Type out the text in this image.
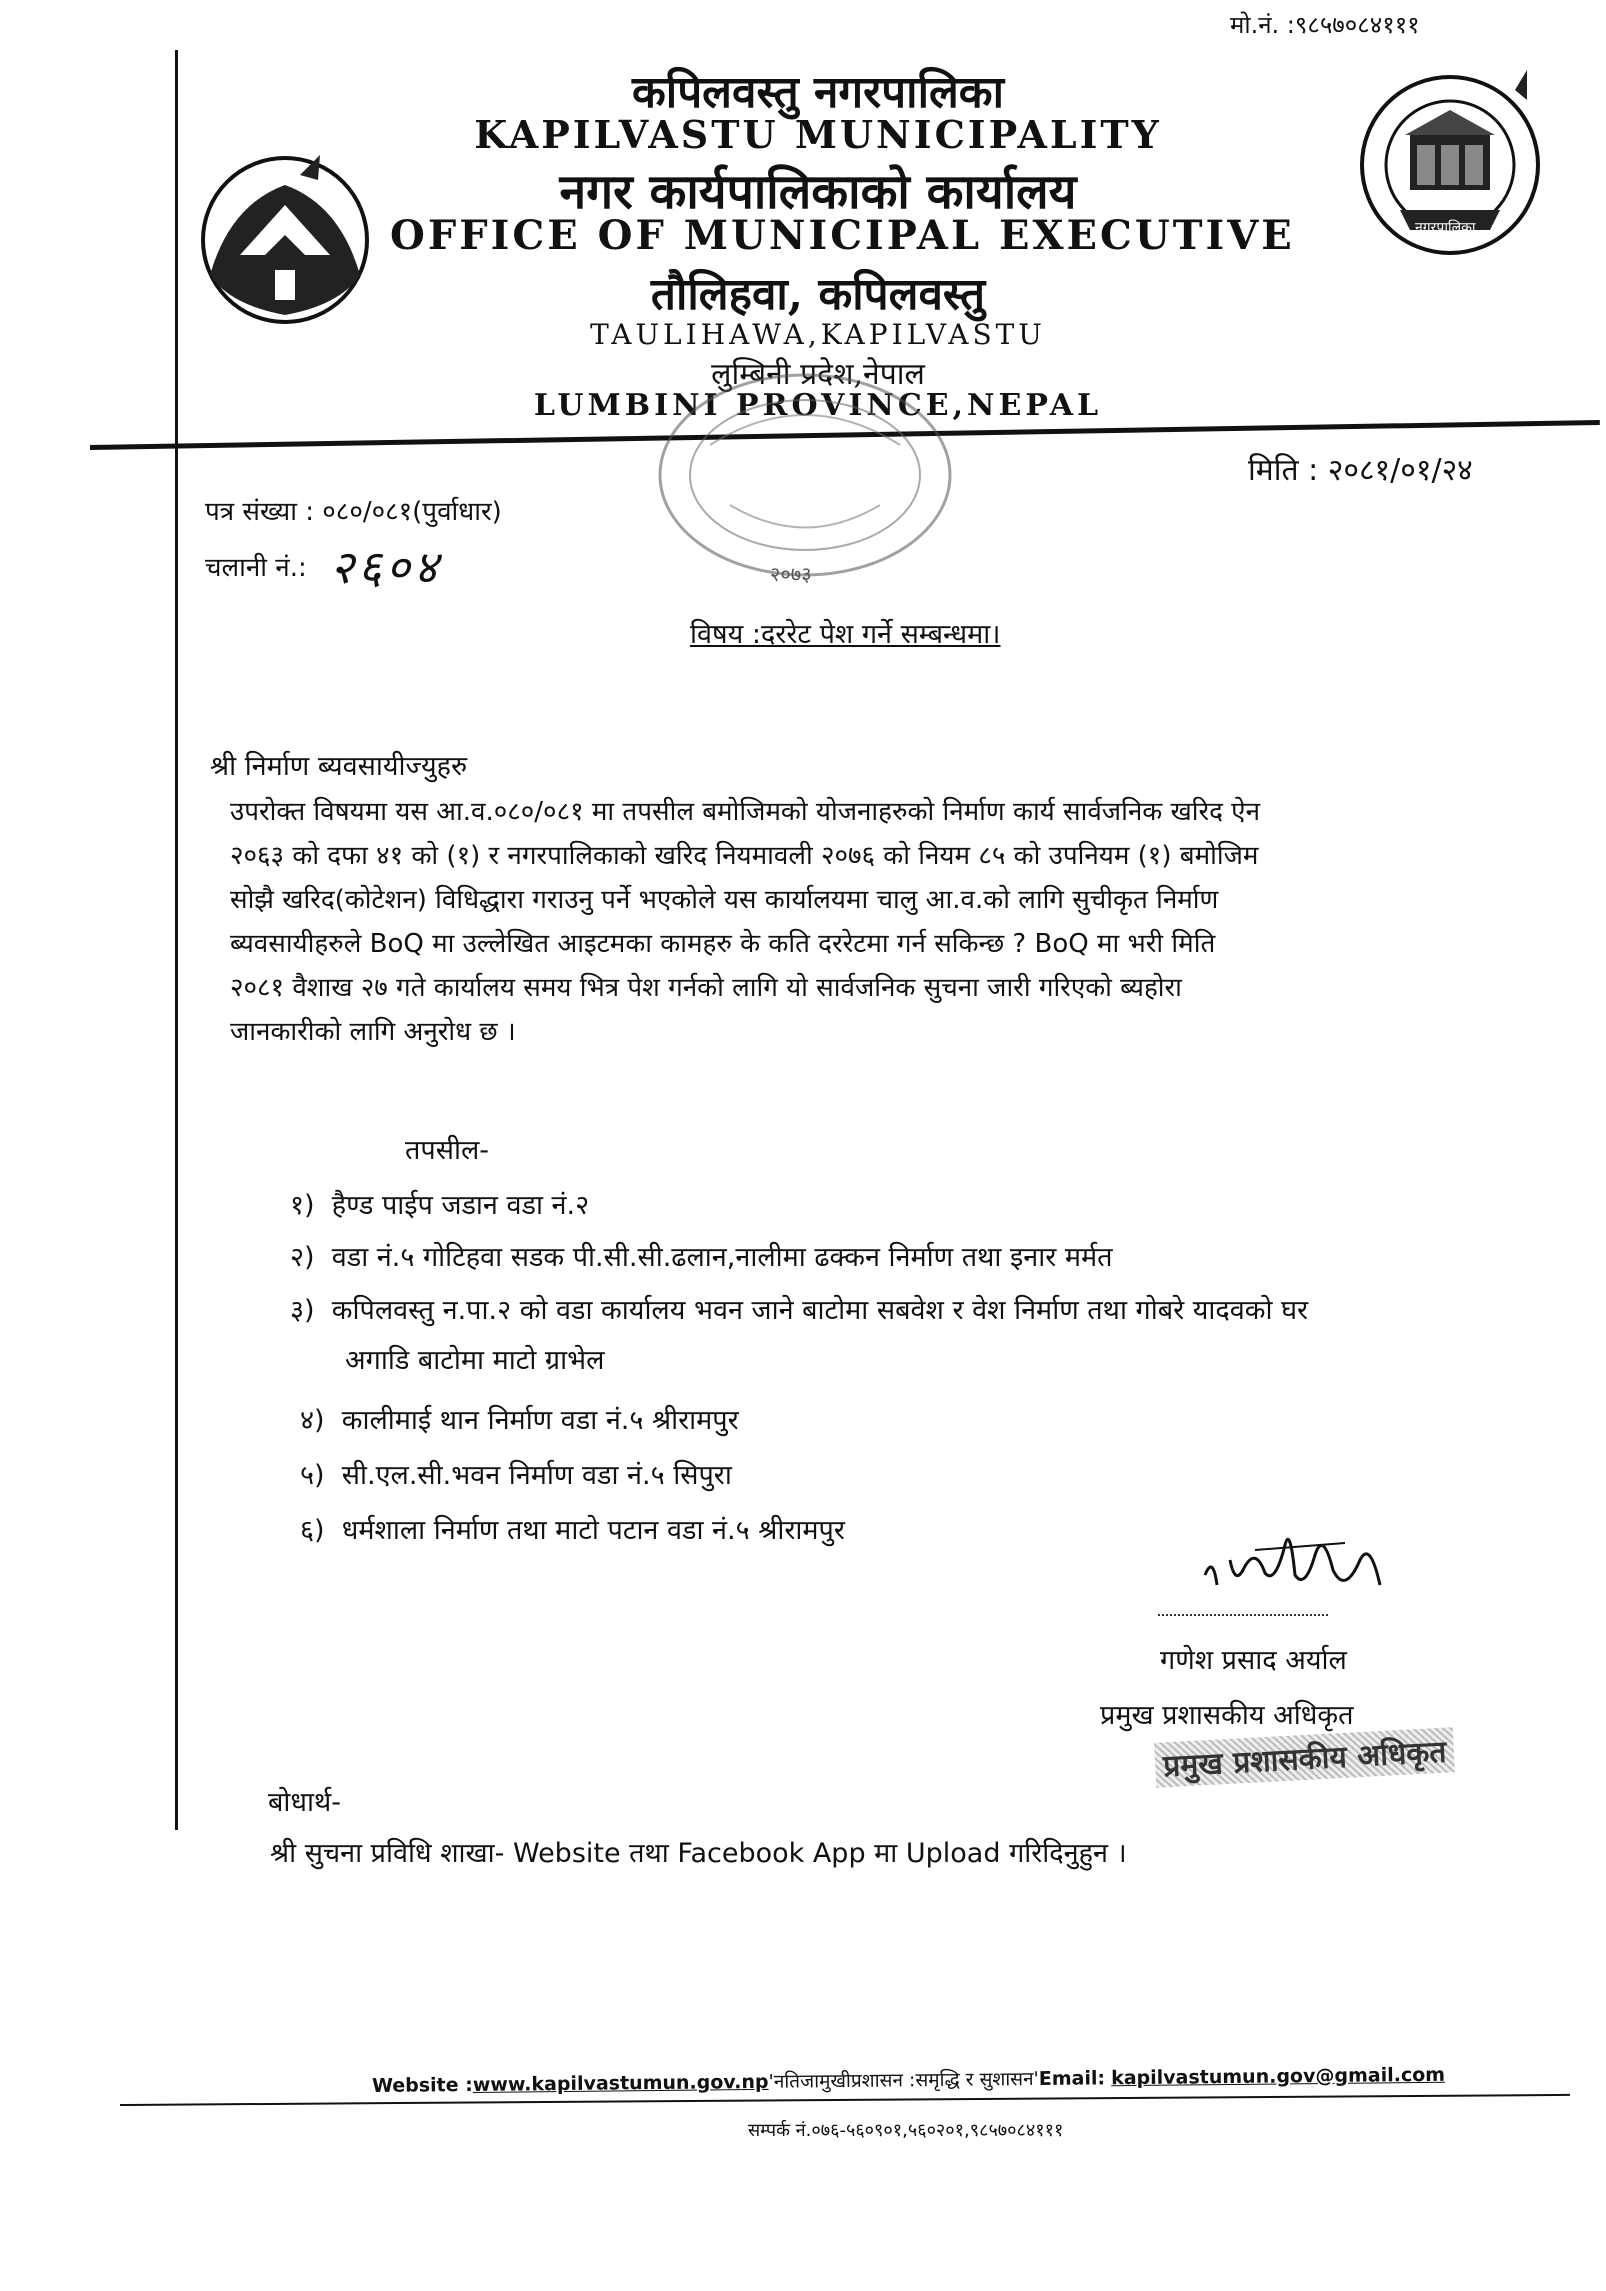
मो.नं. :९८५७०८४१११
नगरपालिका
कपिलवस्तु नगरपालिका
KAPILVASTU MUNICIPALITY
नगर कार्यपालिकाको कार्यालय
OFFICE OF MUNICIPAL EXECUTIVE
तौलिहवा, कपिलवस्तु
TAULIHAWA,KAPILVASTU
लुम्बिनी प्रदेश,नेपाल
LUMBINI PROVINCE,NEPAL
२०७३
मिति : २०८१/०१/२४
पत्र संख्या : ०८०/०८१(पुर्वाधार)
चलानी नं.: २६०४
विषय :दररेट पेश गर्ने सम्बन्धमा।
श्री निर्माण ब्यवसायीज्युहरु
उपरोक्त विषयमा यस आ.व.०८०/०८१ मा तपसील बमोजिमको योजनाहरुको निर्माण कार्य सार्वजनिक खरिद ऐन
२०६३ को दफा ४१ को (१) र नगरपालिकाको खरिद नियमावली २०७६ को नियम ८५ को उपनियम (१) बमोजिम
सोझै खरिद(कोटेशन) विधिद्धारा गराउनु पर्ने भएकोले यस कार्यालयमा चालु आ.व.को लागि सुचीकृत निर्माण
ब्यवसायीहरुले BoQ मा उल्लेखित आइटमका कामहरु के कति दररेटमा गर्न सकिन्छ ? BoQ मा भरी मिति
२०८१ वैशाख २७ गते कार्यालय समय भित्र पेश गर्नको लागि यो सार्वजनिक सुचना जारी गरिएको ब्यहोरा
जानकारीको लागि अनुरोध छ ।
तपसील-
१) हैण्ड पाईप जडान वडा नं.२
२) वडा नं.५ गोटिहवा सडक पी.सी.सी.ढलान,नालीमा ढक्कन निर्माण तथा इनार मर्मत
३) कपिलवस्तु न.पा.२ को वडा कार्यालय भवन जाने बाटोमा सबवेश र वेश निर्माण तथा गोबरे यादवको घर
अगाडि बाटोमा माटो ग्राभेल
४) कालीमाई थान निर्माण वडा नं.५ श्रीरामपुर
५) सी.एल.सी.भवन निर्माण वडा नं.५ सिपुरा
६) धर्मशाला निर्माण तथा माटो पटान वडा नं.५ श्रीरामपुर
गणेश प्रसाद अर्याल
प्रमुख प्रशासकीय अधिकृत
प्रमुख प्रशासकीय अधिकृत
बोधार्थ-
श्री सुचना प्रविधि शाखा- Website तथा Facebook App मा Upload गरिदिनुहुन ।
Website :www.kapilvastumun.gov.np'नतिजामुखीप्रशासन :समृद्धि र सुशासन'Email: kapilvastumun.gov@gmail.com
सम्पर्क नं.०७६-५६०९०१,५६०२०१,९८५७०८४१११
